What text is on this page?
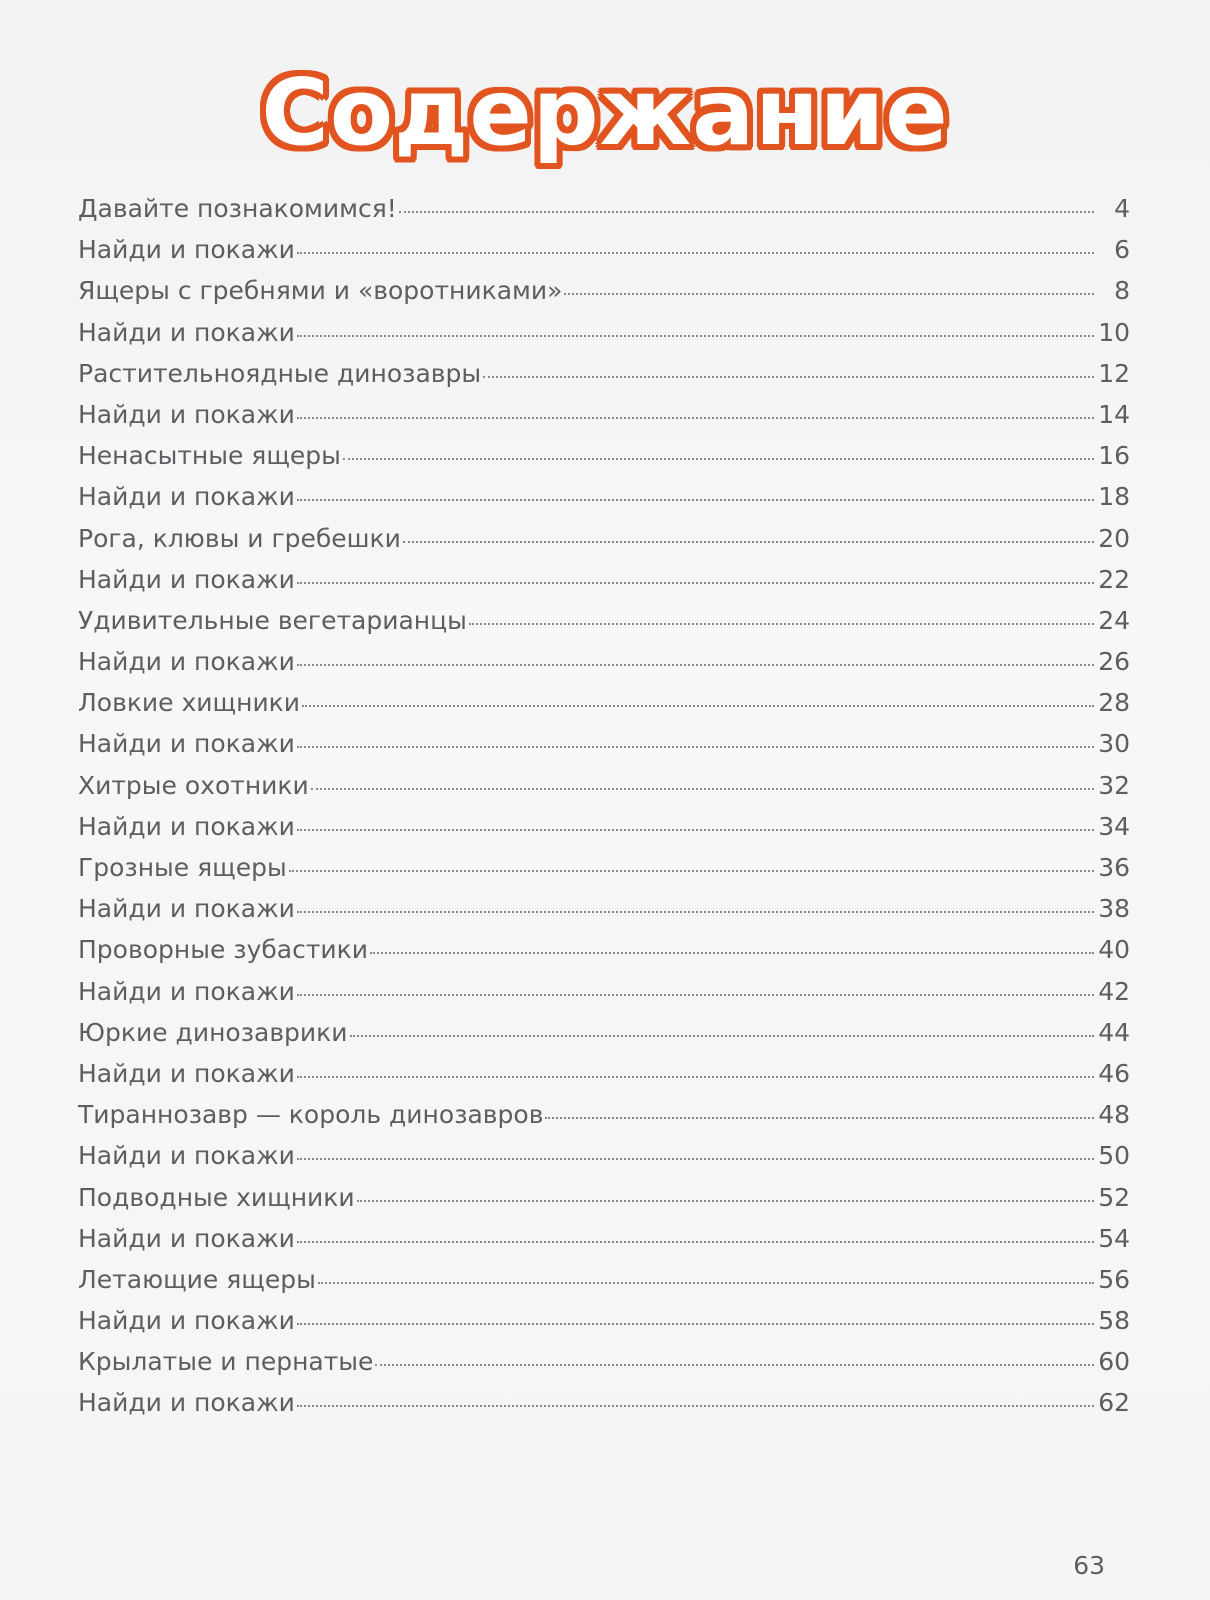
Содержание
Давайте познакомимся!	4
Найди и покажи	6
Ящеры с гребнями и «воротниками»	8
Найди и покажи	10
Растительноядные динозавры	12
Найди и покажи	14
Ненасытные ящеры	16
Найди и покажи	18
Рога, клювы и гребешки	20
Найди и покажи	22
Удивительные вегетарианцы	24
Найди и покажи	26
Ловкие хищники	28
Найди и покажи	30
Хитрые охотники	32
Найди и покажи	34
Грозные ящеры	36
Найди и покажи	38
Проворные зубастики	40
Найди и покажи	42
Юркие динозаврики	44
Найди и покажи	46
Тираннозавр — король динозавров	48
Найди и покажи	50
Подводные хищники	52
Найди и покажи	54
Летающие ящеры	56
Найди и покажи	58
Крылатые и пернатые	60
Найди и покажи	62
63
